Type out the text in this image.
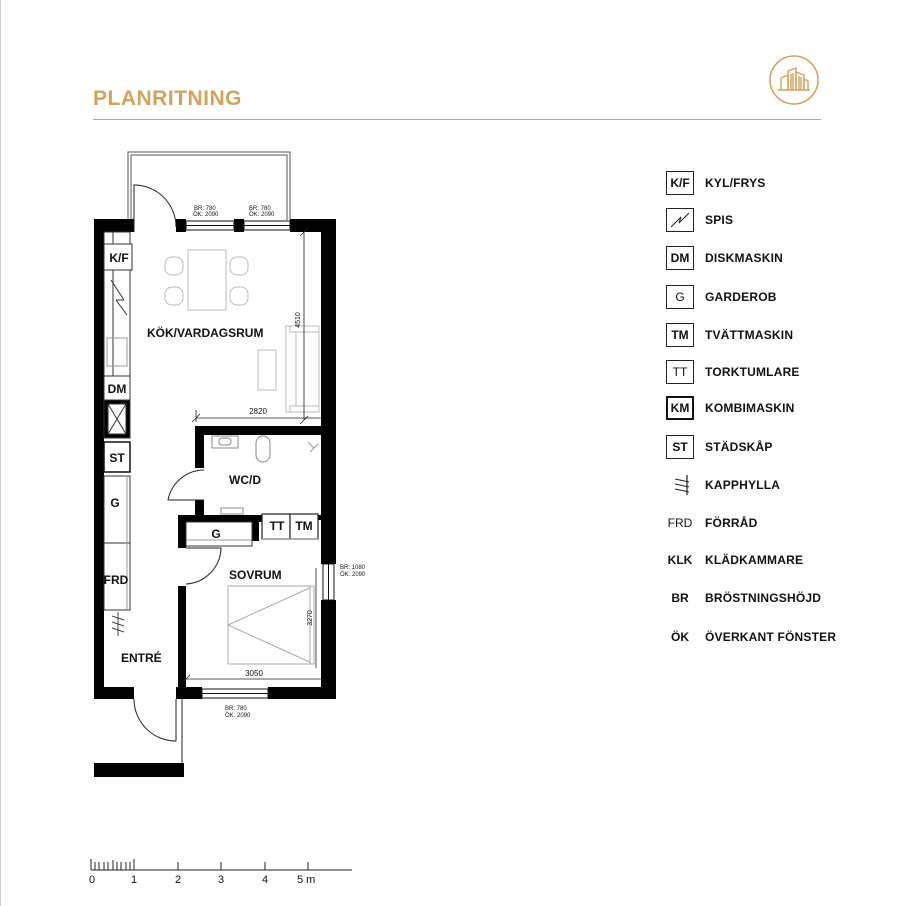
PLANRITNING
4510
2820
3270
3050
BR: 780
ÖK: 2090
BR: 780
ÖK: 2090
BR: 1080
ÖK: 2090
BR: 780
ÖK: 2090
KÖK/VARDAGSRUM
WC/D
SOVRUM
ENTRÉ
K/F
DM
ST
G
FRD
G
TT TM
0	1	2	3	4	5 m
K/F	KYL/FRYS
SPIS
DM	DISKMASKIN
G	GARDEROB
TM	TVÄTTMASKIN
TT	TORKTUMLARE
KM	KOMBIMASKIN
ST	STÄDSKÅP
KAPPHYLLA
FRD FÖRRÅD
KLK KLÄDKAMMARE
BR	BRÖSTNINGSHÖJD
ÖK	ÖVERKANT FÖNSTER
